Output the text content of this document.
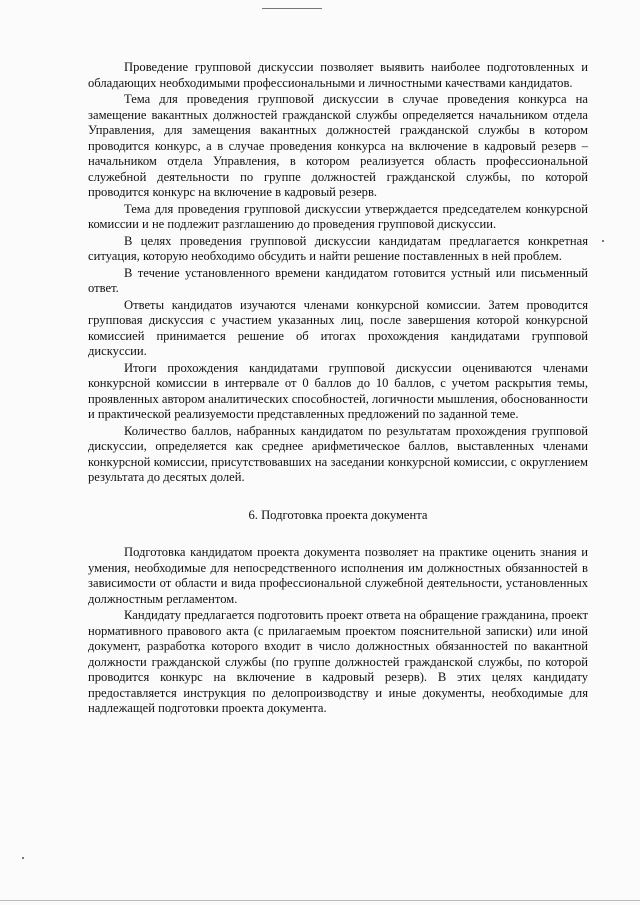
Проведение групповой дискуссии позволяет выявить наиболее подготовленных и обладающих необходимыми профессиональными и личностными качествами кандидатов.

Тема для проведения групповой дискуссии в случае проведения конкурса на замещение вакантных должностей гражданской службы определяется начальником отдела Управления, для замещения вакантных должностей гражданской службы в котором проводится конкурс, а в случае проведения конкурса на включение в кадровый резерв – начальником отдела Управления, в котором реализуется область профессиональной служебной деятельности по группе должностей гражданской службы, по которой проводится конкурс на включение в кадровый резерв.

Тема для проведения групповой дискуссии утверждается председателем конкурсной комиссии и не подлежит разглашению до проведения групповой дискуссии.

В целях проведения групповой дискуссии кандидатам предлагается конкретная ситуация, которую необходимо обсудить и найти решение поставленных в ней проблем.

В течение установленного времени кандидатом готовится устный или письменный ответ.

Ответы кандидатов изучаются членами конкурсной комиссии. Затем проводится групповая дискуссия с участием указанных лиц, после завершения которой конкурсной комиссией принимается решение об итогах прохождения кандидатами групповой дискуссии.

Итоги прохождения кандидатами групповой дискуссии оцениваются членами конкурсной комиссии в интервале от 0 баллов до 10 баллов, с учетом раскрытия темы, проявленных автором аналитических способностей, логичности мышления, обоснованности и практической реализуемости представленных предложений по заданной теме.

Количество баллов, набранных кандидатом по результатам прохождения групповой дискуссии, определяется как среднее арифметическое баллов, выставленных членами конкурсной комиссии, присутствовавших на заседании конкурсной комиссии, с округлением результата до десятых долей.

6. Подготовка проекта документа

Подготовка кандидатом проекта документа позволяет на практике оценить знания и умения, необходимые для непосредственного исполнения им должностных обязанностей в зависимости от области и вида профессиональной служебной деятельности, установленных должностным регламентом.

Кандидату предлагается подготовить проект ответа на обращение гражданина, проект нормативного правового акта (с прилагаемым проектом пояснительной записки) или иной документ, разработка которого входит в число должностных обязанностей по вакантной должности гражданской службы (по группе должностей гражданской службы, по которой проводится конкурс на включение в кадровый резерв). В этих целях кандидату предоставляется инструкция по делопроизводству и иные документы, необходимые для надлежащей подготовки проекта документа.
